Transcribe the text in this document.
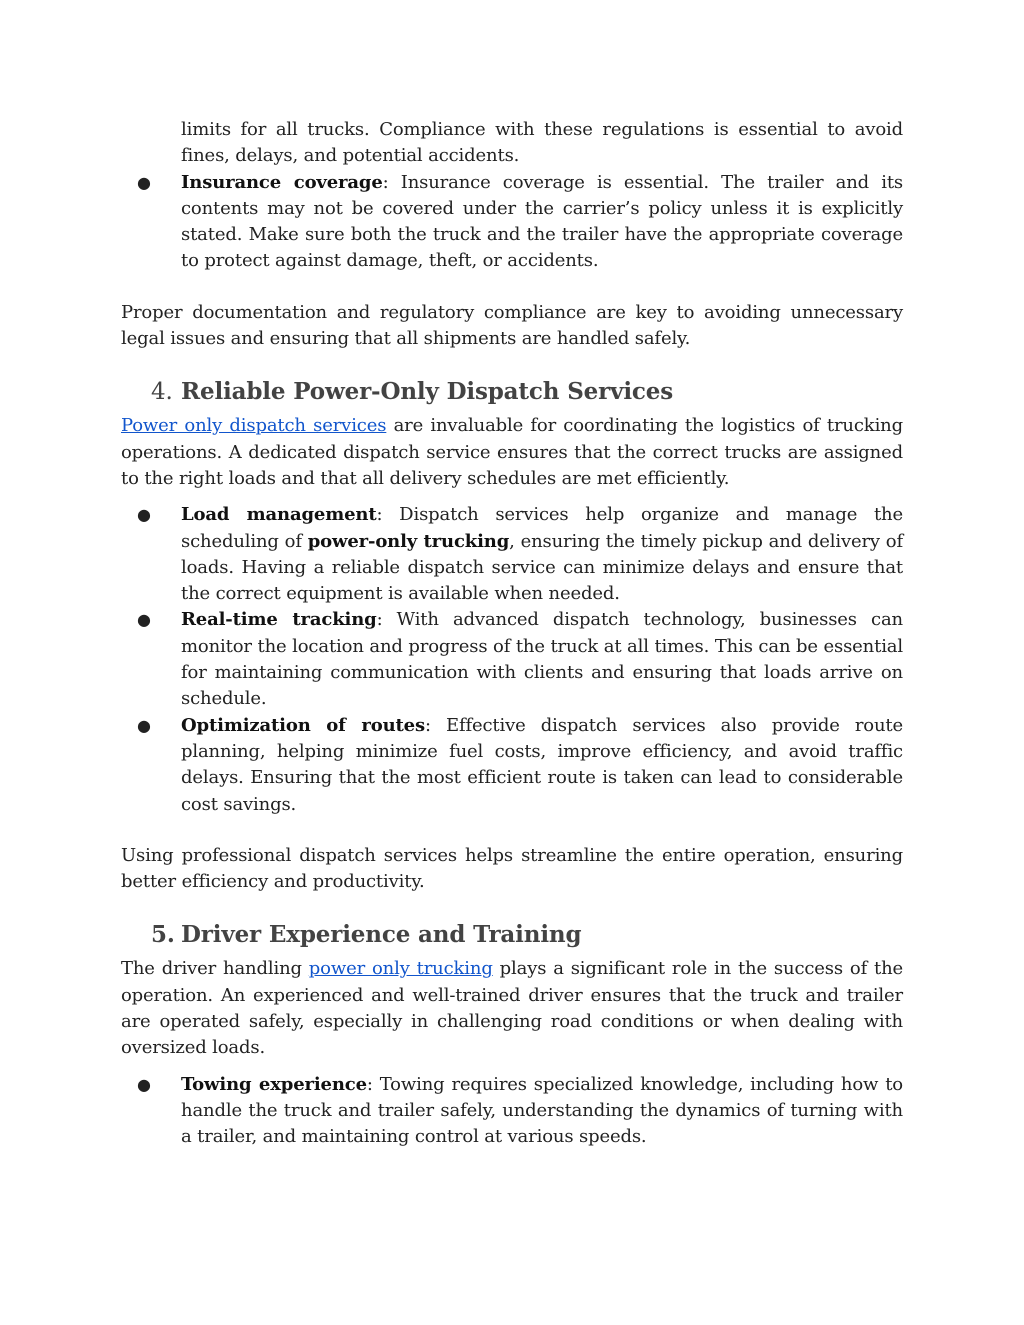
limits for all trucks. Compliance with these regulations is essential to avoid fines, delays, and potential accidents.

● Insurance coverage: Insurance coverage is essential. The trailer and its contents may not be covered under the carrier’s policy unless it is explicitly stated. Make sure both the truck and the trailer have the appropriate coverage to protect against damage, theft, or accidents.

Proper documentation and regulatory compliance are key to avoiding unnecessary legal issues and ensuring that all shipments are handled safely.

4. Reliable Power-Only Dispatch Services

Power only dispatch services are invaluable for coordinating the logistics of trucking operations. A dedicated dispatch service ensures that the correct trucks are assigned to the right loads and that all delivery schedules are met efficiently.

● Load management: Dispatch services help organize and manage the scheduling of power-only trucking, ensuring the timely pickup and delivery of loads. Having a reliable dispatch service can minimize delays and ensure that the correct equipment is available when needed.
● Real-time tracking: With advanced dispatch technology, businesses can monitor the location and progress of the truck at all times. This can be essential for maintaining communication with clients and ensuring that loads arrive on schedule.
● Optimization of routes: Effective dispatch services also provide route planning, helping minimize fuel costs, improve efficiency, and avoid traffic delays. Ensuring that the most efficient route is taken can lead to considerable cost savings.

Using professional dispatch services helps streamline the entire operation, ensuring better efficiency and productivity.

5. Driver Experience and Training

The driver handling power only trucking plays a significant role in the success of the operation. An experienced and well-trained driver ensures that the truck and trailer are operated safely, especially in challenging road conditions or when dealing with oversized loads.

● Towing experience: Towing requires specialized knowledge, including how to handle the truck and trailer safely, understanding the dynamics of turning with a trailer, and maintaining control at various speeds.
